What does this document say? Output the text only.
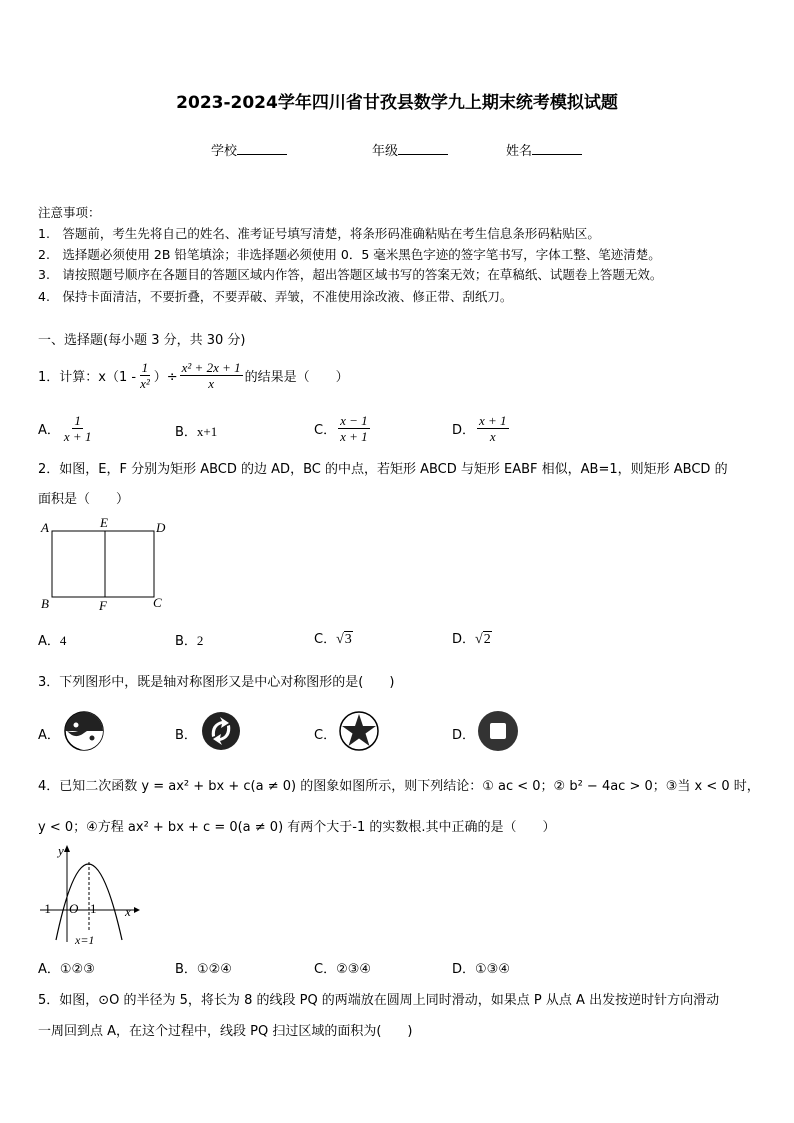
2023-2024学年四川省甘孜县数学九上期末统考模拟试题
学校	年级	姓名
注意事项：
1.　答题前，考生先将自己的姓名、准考证号填写清楚，将条形码准确粘贴在考生信息条形码粘贴区。
2.　选择题必须使用 2B 铅笔填涂；非选择题必须使用 0．5 毫米黑色字迹的签字笔书写，字体工整、笔迹清楚。
3.　请按照题号顺序在各题目的答题区域内作答，超出答题区域书写的答案无效；在草稿纸、试题卷上答题无效。
4.　保持卡面清洁，不要折叠，不要弄破、弄皱，不准使用涂改液、修正带、刮纸刀。
一、选择题(每小题 3 分，共 30 分)
1．计算：$x(1 - \frac{1}{\text{x²}}$ ）÷ $\frac{\text{x² + 2x + 1}}{x}$ 的结果是（　　）
A． $\frac{1}{x + 1}$	B．x+1	C． $\frac{x - 1}{x + 1}$	D． $\frac{x + 1}{x}$
2．如图，E，F 分别为矩形 ABCD 的边 AD，BC 的中点，若矩形 ABCD 与矩形 EABF 相似，AB=1，则矩形 ABCD 的
面积是（　　）
A	E	D
B	F	C
A．4	B．2	C．√3	D．√2
3．下列图形中，既是轴对称图形又是中心对称图形的是(　　)
A．	B．	C．	D．
4．已知二次函数 y = ax² + bx + c(a ≠ 0) 的图象如图所示，则下列结论：① ac < 0；② b² − 4ac > 0；③当 x < 0 时，
y < 0；④方程 ax² + bx + c = 0(a ≠ 0) 有两个大于-1 的实数根.其中正确的是（　　）
y
x
-1 O 1
x=1
A．①②③	B．①②④	C．②③④	D．①③④
5．如图，⊙O 的半径为 5，将长为 8 的线段 PQ 的两端放在圆周上同时滑动，如果点 P 从点 A 出发按逆时针方向滑动
一周回到点 A，在这个过程中，线段 PQ 扫过区域的面积为(　　)
